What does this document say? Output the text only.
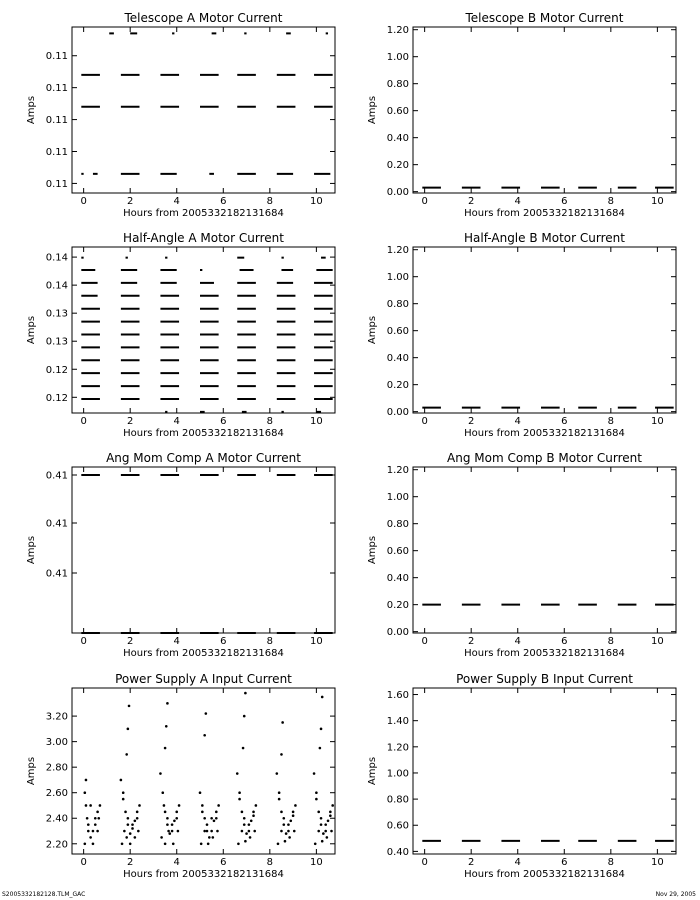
Telescope A Motor Current
Hours from 2005332182131684
Amps
0	2	4	6	8	10
0.11
0.11
0.11
0.11
0.11
Telescope B Motor Current
Hours from 2005332182131684
Amps
0	2	4	6	8	10
0.00
0.20
0.40
0.60
0.80
1.00
1.20
Half-Angle A Motor Current
Hours from 2005332182131684
Amps
0	2	4	6	8	10
0.12
0.12
0.13
0.13
0.14
0.14
Half-Angle B Motor Current
Hours from 2005332182131684
Amps
0	2	4	6	8	10
0.00
0.20
0.40
0.60
0.80
1.00
1.20
Ang Mom Comp A Motor Current
Hours from 2005332182131684
Amps
0	2	4	6	8	10
0.41
0.41
0.41
Ang Mom Comp B Motor Current
Hours from 2005332182131684
Amps
0	2	4	6	8	10
0.00
0.20
0.40
0.60
0.80
1.00
1.20
Power Supply A Input Current
Hours from 2005332182131684
Amps
0	2	4	6	8	10
2.20
2.40
2.60
2.80
3.00
3.20
Power Supply B Input Current
Hours from 2005332182131684
Amps
0	2	4	6	8	10
0.40
0.60
0.80
1.00
1.20
1.40
1.60
S2005332182128.TLM_GAC	Nov 29, 2005
